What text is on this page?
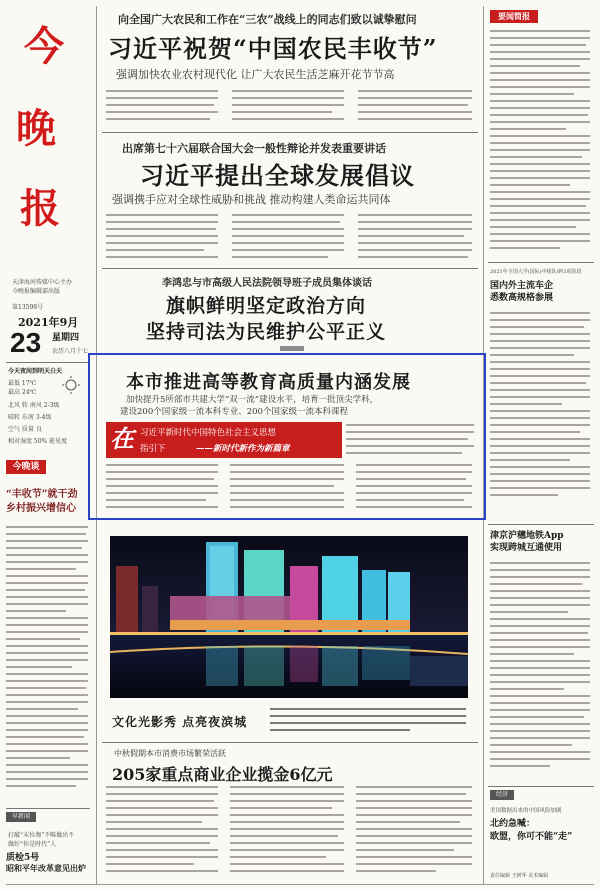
今
晚
报
天津海河传媒中心主办
今晚报编辑部出版
第13598号
2021年9月
23 星期四
农历八月十七
今天夜间到明天白天
最低 17℃
最高 24℃
北风 转 南风 2-3级
晴转 东南 3-4级
空气 质量 良
相对湿度 50% 能见度
今晚谈
“丰收节”就干劲
乡村振兴增信心
早新闻
打破“末位淘”不唯做出不
做好“你是时代”人
质检5号
昭和平年改革意见出炉
向全国广大农民和工作在“三农”战线上的同志们致以诚挚慰问
习近平祝贺“中国农民丰收节”
强调加快农业农村现代化 让广大农民生活芝麻开花节节高
出席第七十六届联合国大会一般性辩论并发表重要讲话
习近平提出全球发展倡议
强调携手应对全球性威胁和挑战 推动构建人类命运共同体
李鸿忠与市高级人民法院领导班子成员集体谈话
旗帜鲜明坚定政治方向
坚持司法为民维护公平正义
本市推进高等教育高质量内涵发展
加快提升5所部市共建大学“双一流”建设水平，培育一批顶尖学科，
建设200个国家级一流本科专业、200个国家级一流本科课程
在 习近平新时代中国特色社会主义思想
指引下	——新时代新作为新篇章
文化光影秀 点亮夜滨城
中秋假期本市消费市场繁荣活跃
205家重点商业企业揽金6亿元
要闻简报
2021年全国大学(国际)中级队/跨3项阶段
国内外主流车企
悉数高规格参展
津京沪穗地铁App
实现跨城互通使用
经济
美国数据出来的中国风险加剧
北约急喊：
欧盟，你可不能“走”
责任编辑 王树华 美术编辑
